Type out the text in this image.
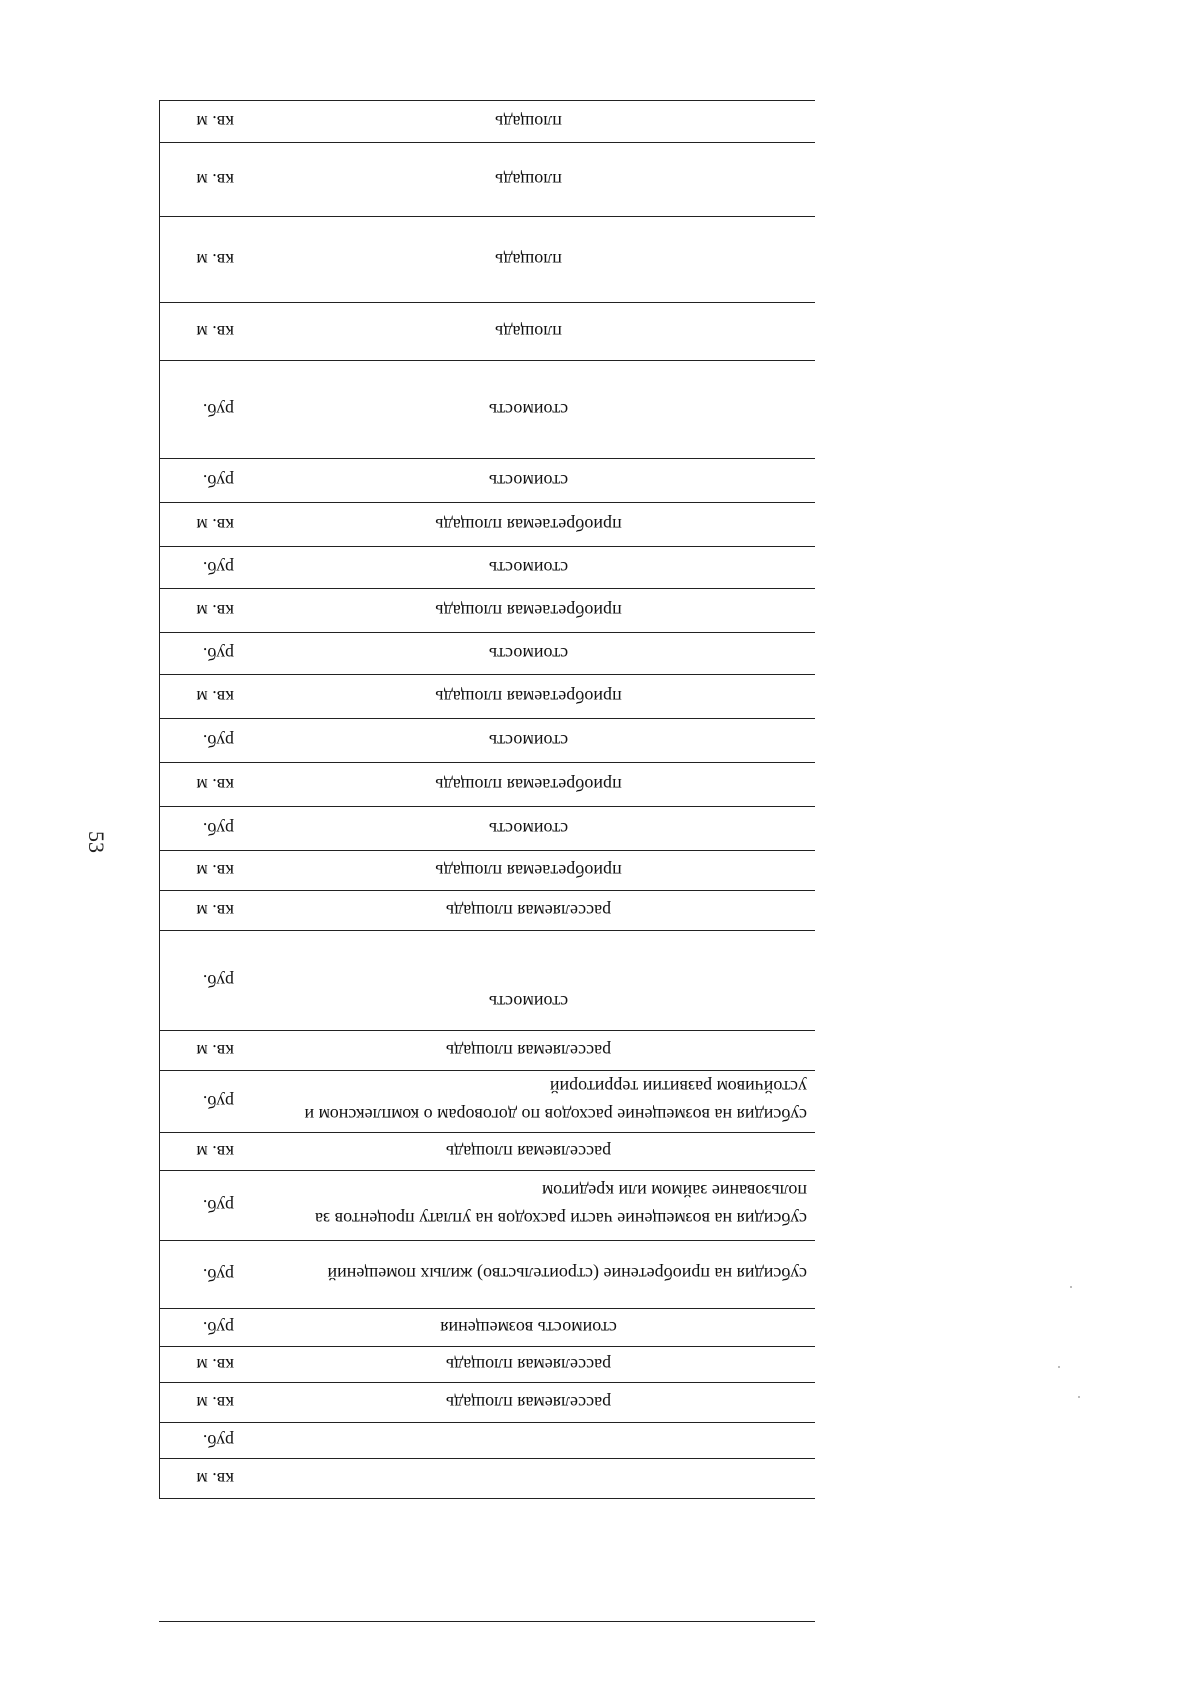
53

	кв. м
	руб.
расселяемая площадь	кв. м
расселяемая площадь	кв. м
стоимость возмещения	руб.
субсидия на приобретение (строительство) жилых помещений	руб.
субсидия на возмещение части расходов на уплату процентов за пользование займом или кредитом	руб.
расселяемая площадь	кв. м
субсидия на возмещение расходов по договорам о комплексном и устойчивом развитии территорий	руб.
расселяемая площадь	кв. м
стоимость	руб.
расселяемая площадь	кв. м
приобретаемая площадь	кв. м
стоимость	руб.
приобретаемая площадь	кв. м
стоимость	руб.
приобретаемая площадь	кв. м
стоимость	руб.
приобретаемая площадь	кв. м
стоимость	руб.
приобретаемая площадь	кв. м
стоимость	руб.
стоимость	руб.
площадь	кв. м
площадь	кв. м
площадь	кв. м
площадь	кв. м
